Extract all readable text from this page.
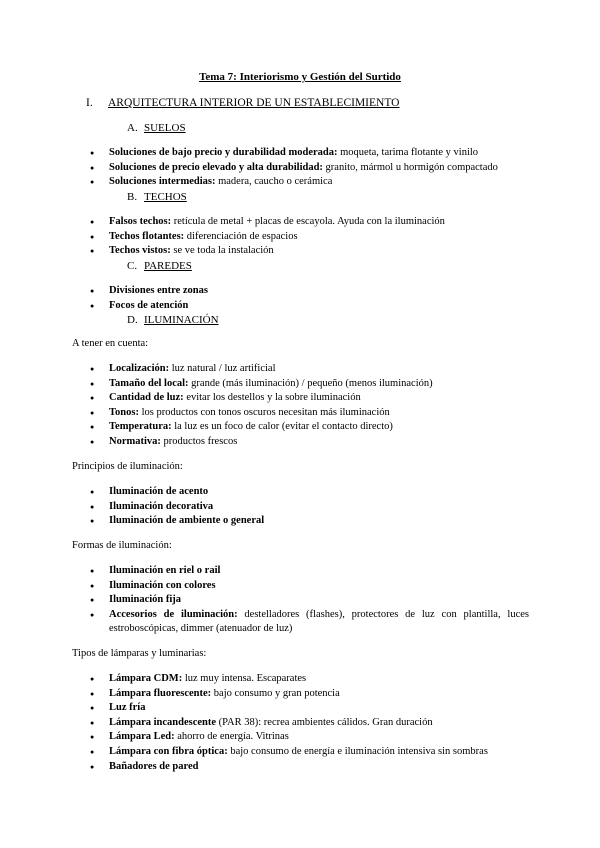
Tema 7: Interiorismo y Gestión del Surtido
I. ARQUITECTURA INTERIOR DE UN ESTABLECIMIENTO
A. SUELOS
● Soluciones de bajo precio y durabilidad moderada: moqueta, tarima flotante y vinilo
● Soluciones de precio elevado y alta durabilidad: granito, mármol u hormigón compactado
● Soluciones intermedias: madera, caucho o cerámica
B. TECHOS
● Falsos techos: retícula de metal + placas de escayola. Ayuda con la iluminación
● Techos flotantes: diferenciación de espacios
● Techos vistos: se ve toda la instalación
C. PAREDES
● Divisiones entre zonas
● Focos de atención
D. ILUMINACIÓN
A tener en cuenta:
● Localización: luz natural / luz artificial
● Tamaño del local: grande (más iluminación) / pequeño (menos iluminación)
● Cantidad de luz: evitar los destellos y la sobre iluminación
● Tonos: los productos con tonos oscuros necesitan más iluminación
● Temperatura: la luz es un foco de calor (evitar el contacto directo)
● Normativa: productos frescos
Principios de iluminación:
● Iluminación de acento
● Iluminación decorativa
● Iluminación de ambiente o general
Formas de iluminación:
● Iluminación en riel o rail
● Iluminación con colores
● Iluminación fija
● Accesorios de iluminación: destelladores (flashes), protectores de luz con plantilla, luces estroboscópicas, dimmer (atenuador de luz)
Tipos de lámparas y luminarias:
● Lámpara CDM: luz muy intensa. Escaparates
● Lámpara fluorescente: bajo consumo y gran potencia
● Luz fría
● Lámpara incandescente (PAR 38): recrea ambientes cálidos. Gran duración
● Lámpara Led: ahorro de energía. Vitrinas
● Lámpara con fibra óptica: bajo consumo de energía e iluminación intensiva sin sombras
● Bañadores de pared
